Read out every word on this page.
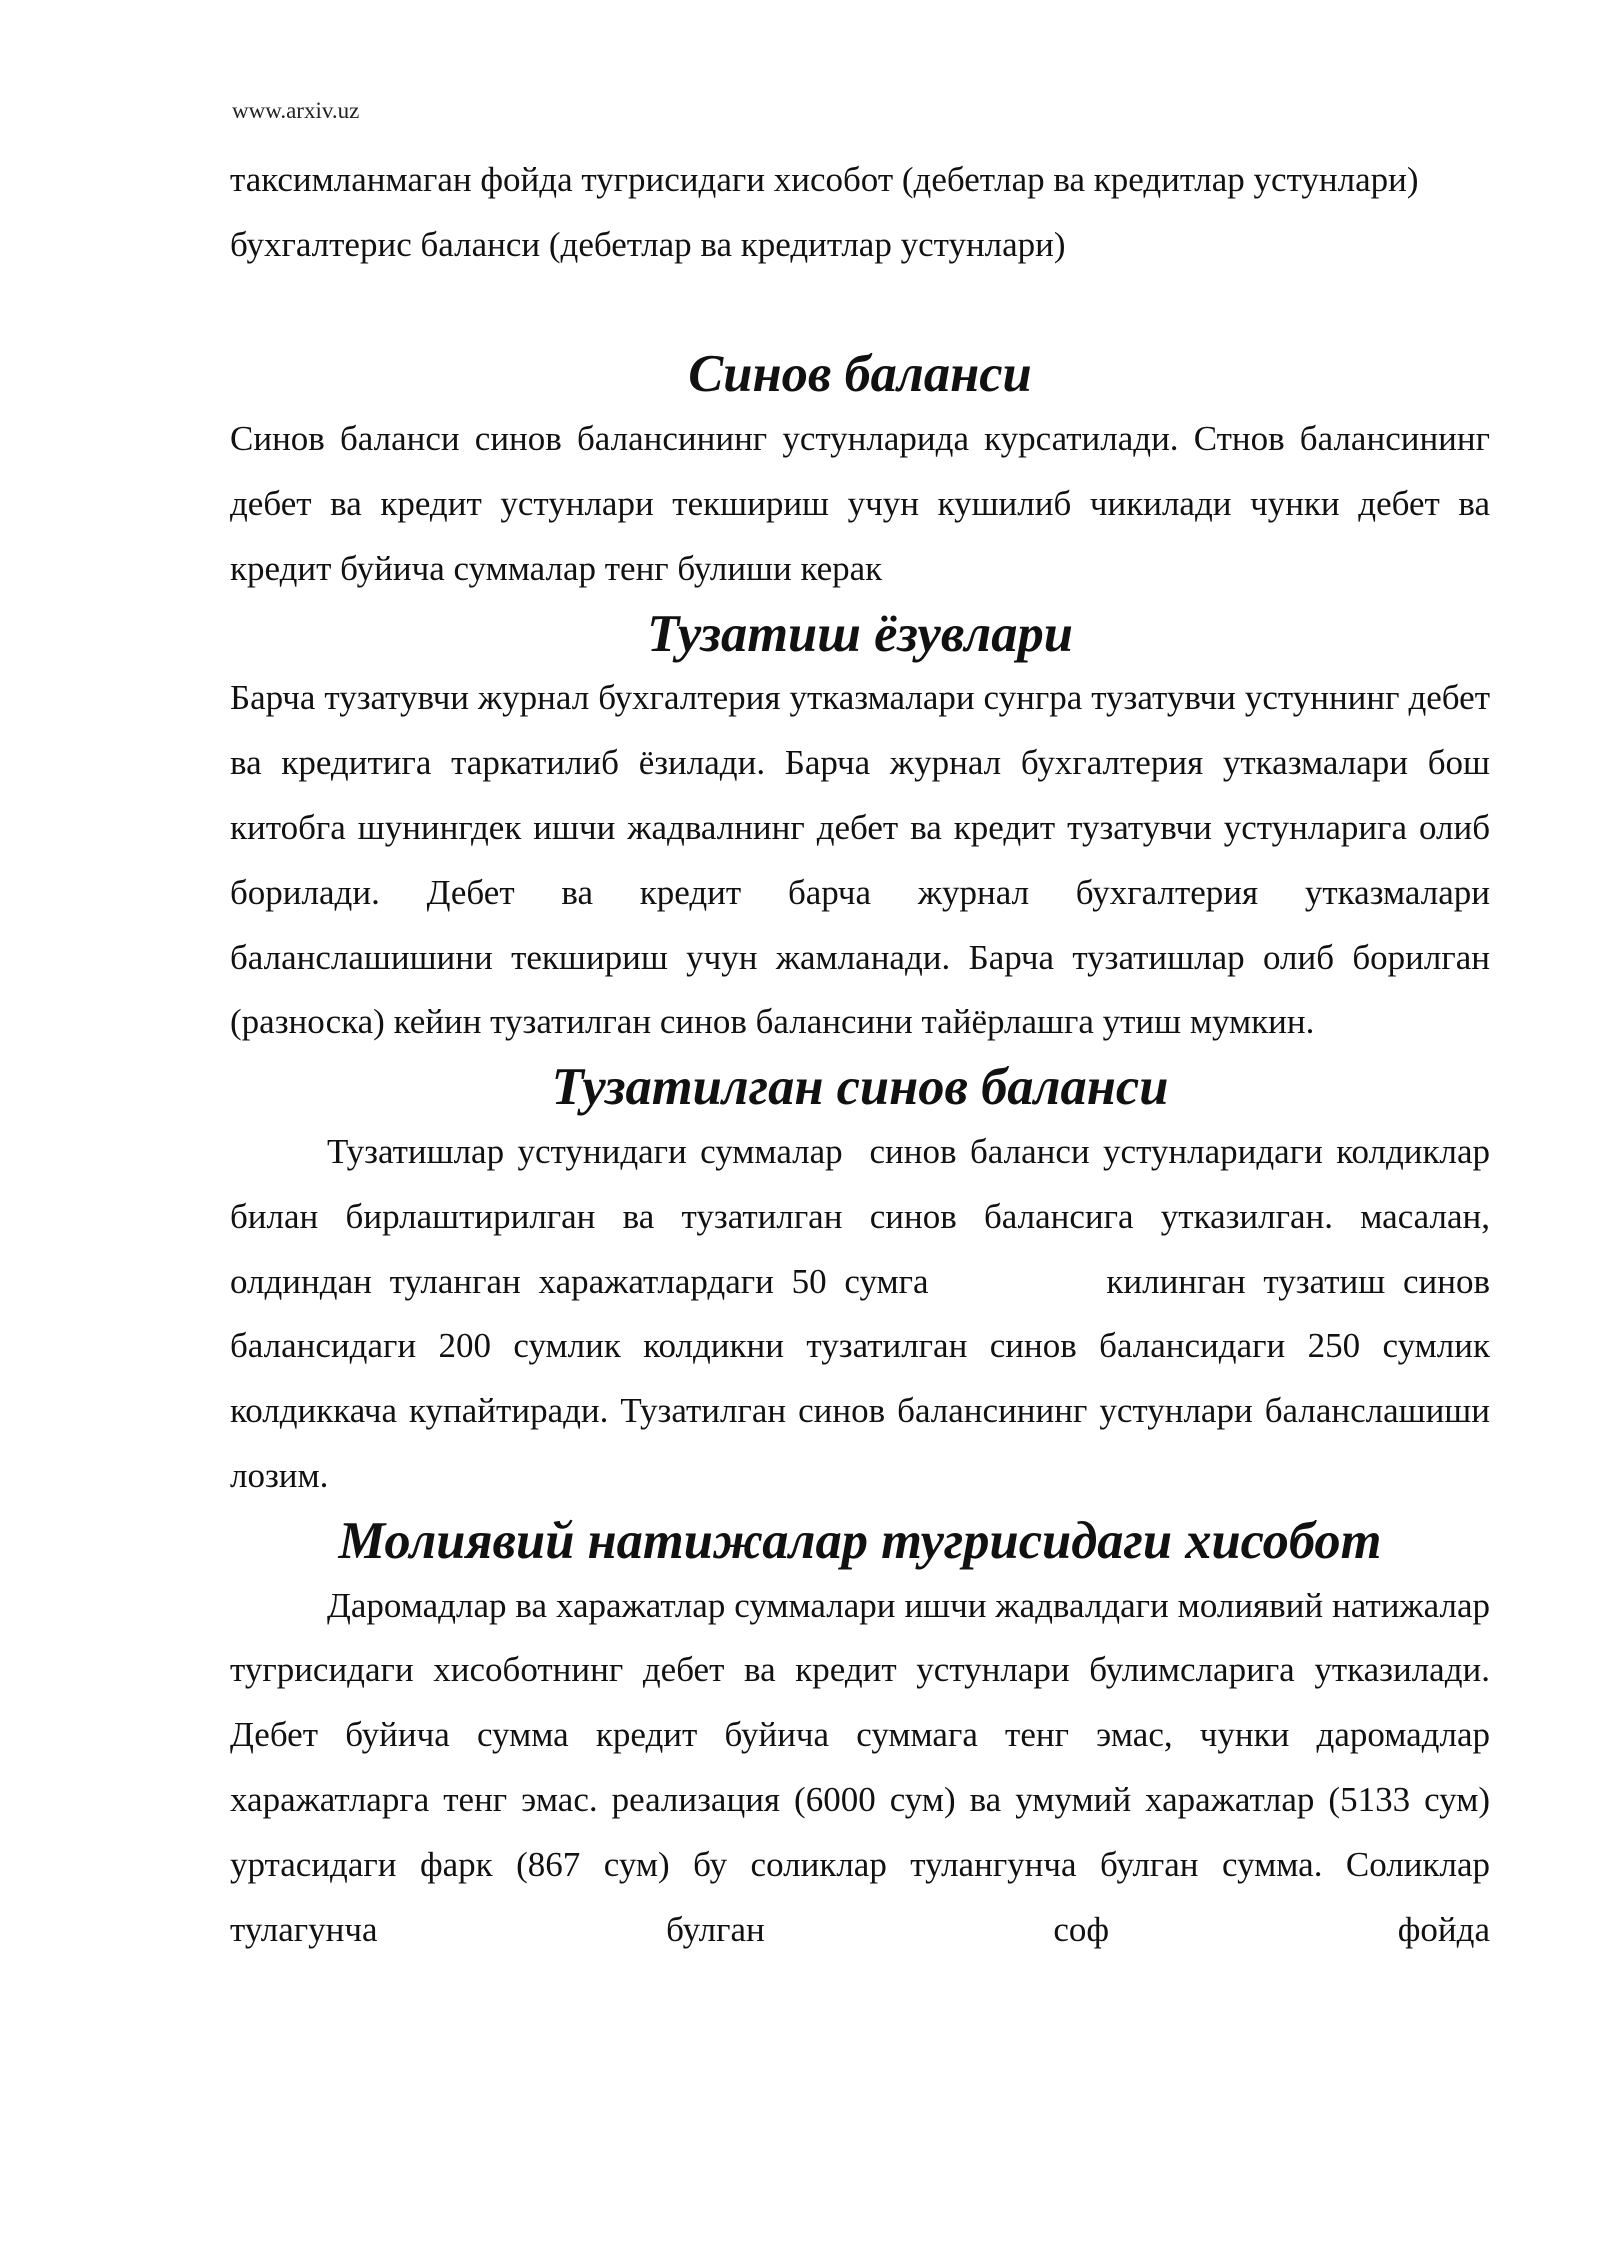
www.arxiv.uz

таксимланмаган фойда тугрисидаги хисобот (дебетлар ва кредитлар устунлари)

бухгалтерис баланси (дебетлар ва кредитлар устунлари)

Синов баланси

Синов баланси синов балансининг устунларида курсатилади. Стнов балансининг дебет ва кредит устунлари текшириш учун кушилиб чикилади чунки дебет ва кредит буйича суммалар тенг булиши керак

Тузатиш ёзувлари

Барча тузатувчи журнал бухгалтерия утказмалари сунгра тузатувчи устуннинг дебет ва кредитига таркатилиб ёзилади. Барча журнал бухгалтерия утказмалари бош китобга шунингдек ишчи жадвалнинг дебет ва кредит тузатувчи устунларига олиб борилади. Дебет ва кредит барча журнал бухгалтерия утказмалари баланслашишини текшириш учун жамланади. Барча тузатишлар олиб борилган (разноска) кейин тузатилган синов балансини тайёрлашга утиш мумкин.

Тузатилган синов баланси

Тузатишлар устунидаги суммалар  синов баланси устунларидаги колдиклар билан бирлаштирилган ва тузатилган синов балансига утказилган. масалан, олдиндан туланган харажатлардаги 50 сумга          килинган тузатиш синов балансидаги 200 сумлик колдикни тузатилган синов балансидаги 250 сумлик колдиккача купайтиради. Тузатилган синов балансининг устунлари баланслашиши лозим.

Молиявий натижалар тугрисидаги хисобот

Даромадлар ва харажатлар суммалари ишчи жадвалдаги молиявий натижалар тугрисидаги хисоботнинг дебет ва кредит устунлари булимсларига утказилади. Дебет буйича сумма кредит буйича суммага тенг эмас, чунки даромадлар харажатларга тенг эмас. реализация (6000 сум) ва умумий харажатлар (5133 сум) уртасидаги фарк (867 сум) бу соликлар тулангунча булган сумма. Соликлар тулагунча булган соф фойда
